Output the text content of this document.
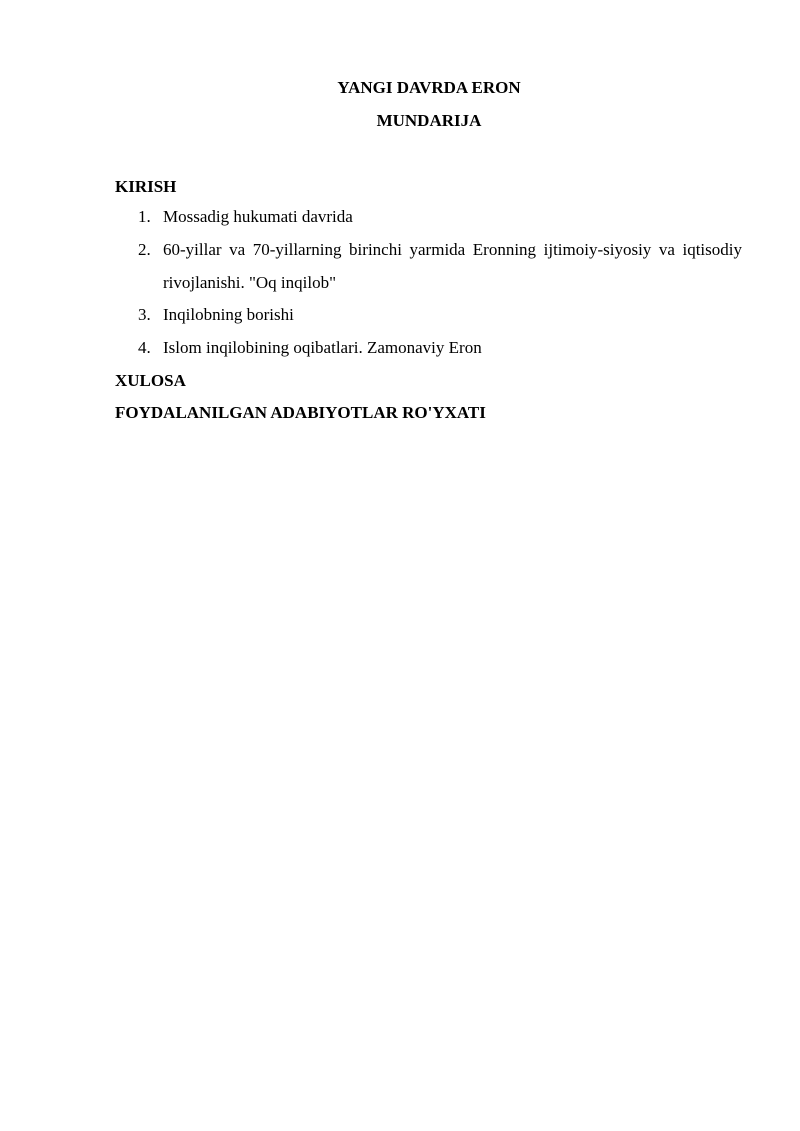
YANGI DAVRDA ERON
MUNDARIJA
KIRISH
1. Mossadig hukumati davrida
2. 60-yillar va 70-yillarning birinchi yarmida Eronning ijtimoiy-siyosiy va iqtisodiy rivojlanishi. "Oq inqilob"
3. Inqilobning borishi
4. Islom inqilobining oqibatlari. Zamonaviy Eron
XULOSA
FOYDALANILGAN ADABIYOTLAR RO'YXATI
